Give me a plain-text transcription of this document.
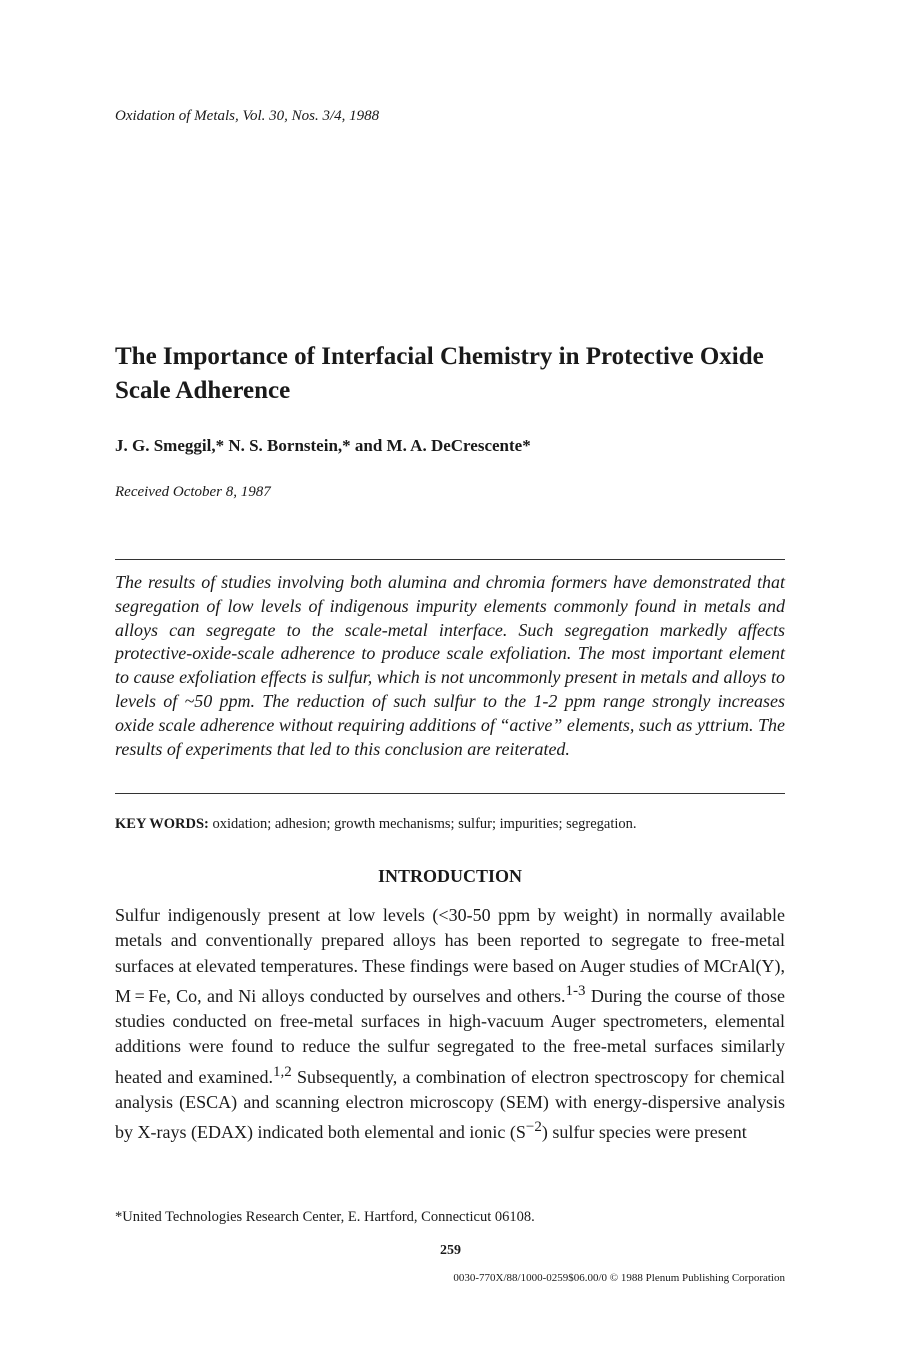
Oxidation of Metals, Vol. 30, Nos. 3/4, 1988
The Importance of Interfacial Chemistry in Protective Oxide Scale Adherence
J. G. Smeggil,* N. S. Bornstein,* and M. A. DeCrescente*
Received October 8, 1987

The results of studies involving both alumina and chromia formers have demonstrated that segregation of low levels of indigenous impurity elements commonly found in metals and alloys can segregate to the scale-metal interface. Such segregation markedly affects protective-oxide-scale adherence to produce scale exfoliation. The most important element to cause exfoliation effects is sulfur, which is not uncommonly present in metals and alloys to levels of ~50 ppm. The reduction of such sulfur to the 1-2 ppm range strongly increases oxide scale adherence without requiring additions of “active” elements, such as yttrium. The results of experiments that led to this conclusion are reiterated.

KEY WORDS: oxidation; adhesion; growth mechanisms; sulfur; impurities; segregation.
INTRODUCTION

Sulfur indigenously present at low levels (<30-50 ppm by weight) in normally available metals and conventionally prepared alloys has been reported to segregate to free-metal surfaces at elevated temperatures. These findings were based on Auger studies of MCrAl(Y), M = Fe, Co, and Ni alloys conducted by ourselves and others.$^{1-3}$ During the course of those studies conducted on free-metal surfaces in high-vacuum Auger spectrometers, elemental additions were found to reduce the sulfur segregated to the free-metal surfaces similarly heated and examined.$^{1,2}$ Subsequently, a combination of electron spectroscopy for chemical analysis (ESCA) and scanning electron microscopy (SEM) with energy-dispersive analysis by X-rays (EDAX) indicated both elemental and ionic $(S^{-2})$ sulfur species were present

*United Technologies Research Center, E. Hartford, Connecticut 06108.
259
0030-770X/88/1000-0259$06.00/0 © 1988 Plenum Publishing Corporation
